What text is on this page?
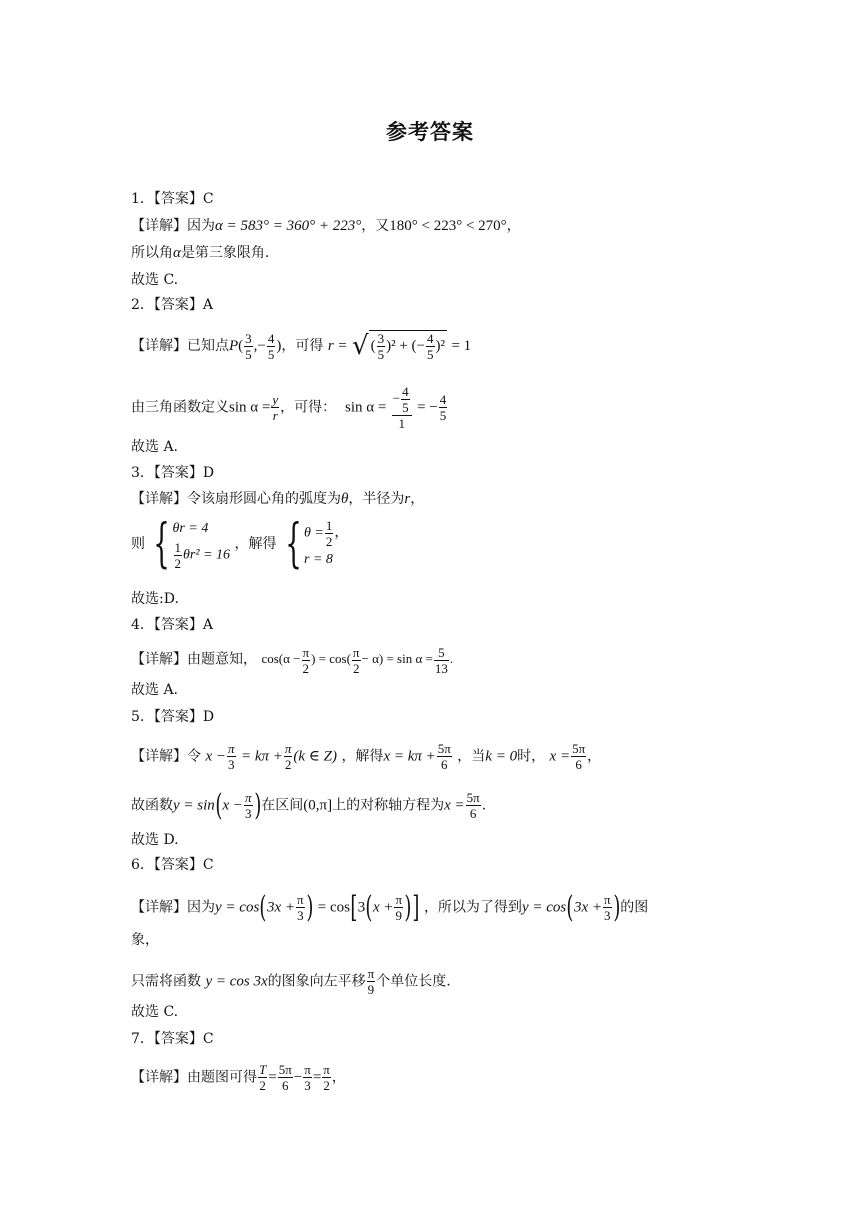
参考答案
1．【答案】C
【详解】因为α = 583° = 360° + 223°，又180° < 223° < 270°，
所以角α是第三象限角.
故选 C.
2．【答案】A
【详解】已知点$P( \frac{3}{5}$ ,− $\frac{4}{5}$ )，可得 r = √ ( $\frac{3}{5} )^2$ + (− $\frac{4}{5} )^2 = 1$
由三角函数定义$\sin \alpha = \frac{y}{r}$ ，可得： $\sin \alpha = \frac{- \frac{4}{5}}{1}$ = − $\frac{4}{5}$
故选 A.
3．【答案】D
【详解】令该扇形圆心角的弧度为θ，半径为r，
则 { θr = 4
$\frac{1}{2} \theta r^2 = 16$
，解得 { $\theta = \frac{1}{2}$ ，
r = 8
故选:D.
4．【答案】A
【详解】由题意知， $\cos(\alpha - \frac{\pi}{2}$ ) = $\cos( \frac{\pi}{2} - \alpha) = \sin \alpha = \frac{5}{13}$ .
故选 A.
5．【答案】D
【详解】令 $x - \frac{\pi}{3} = k\pi + \frac{\pi}{2} (k$ ∈ Z) ，解得$x = k\pi + \frac{5\pi}{6}$ ，当k = 0时， $x = \frac{5\pi}{6}$ ，
故函数$y = \sin(x - \frac{\pi}{3}$ )在区间(0,π]上的对称轴方程为$x = \frac{5\pi}{6}$ .
故选 D.
6．【答案】C
【详解】因为$y = \cos(3x + \frac{\pi}{3}$ ) = $\cos[3(x + \frac{\pi}{9}$ )] ，所以为了得到$y = \cos(3x + \frac{\pi}{3}$ )的图
象，
只需将函数 y = cos 3x的图象向左平移 $\frac{\pi}{9}$ 个单位长度.
故选 C.
7．【答案】C
【详解】由题图可得 $\frac{T}{2} = \frac{5\pi}{6} - \frac{\pi}{3} = \frac{\pi}{2}$ ，
